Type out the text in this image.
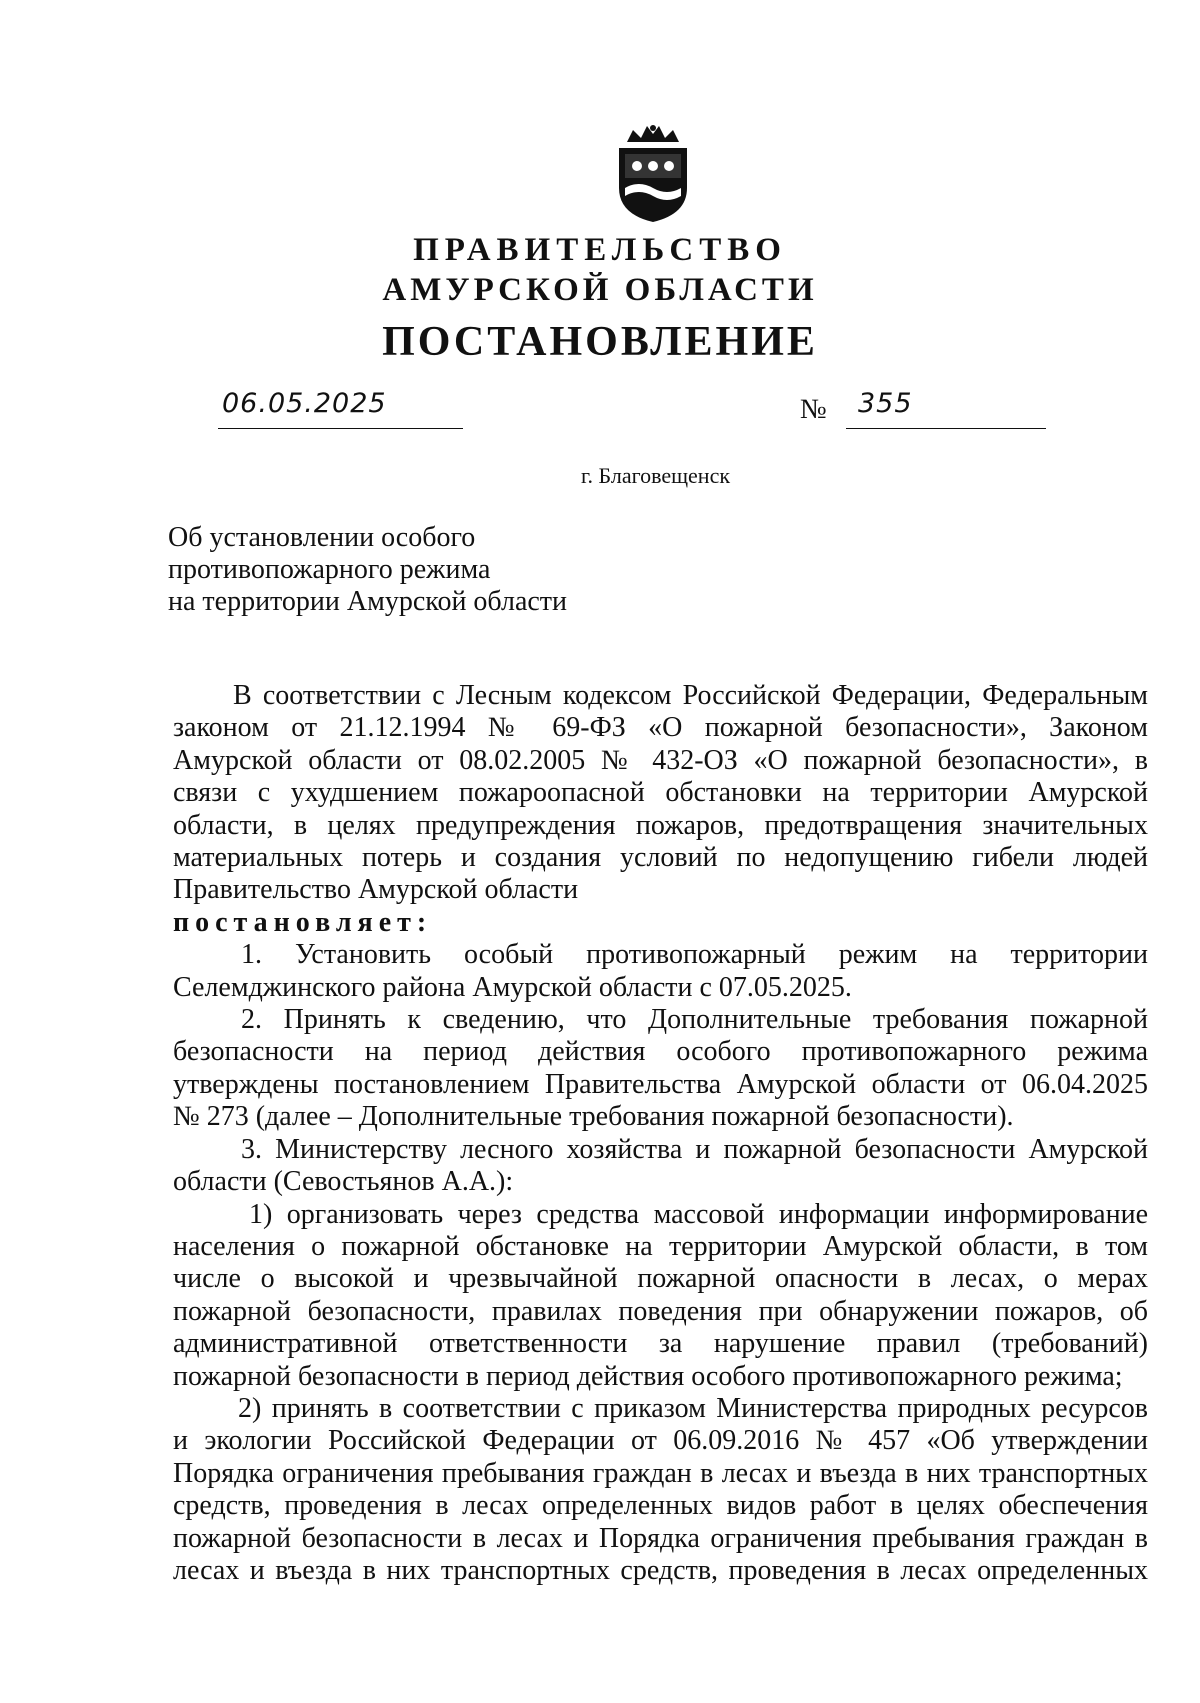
ПРАВИТЕЛЬСТВО
АМУРСКОЙ ОБЛАСТИ
ПОСТАНОВЛЕНИЕ
06.05.2025	№ 355
г. Благовещенск
Об установлении особого
противопожарного режима
на территории Амурской области
В соответствии с Лесным кодексом Российской Федерации, Федеральным
законом от 21.12.1994 № 69-ФЗ «О пожарной безопасности», Законом
Амурской области от 08.02.2005 № 432-ОЗ «О пожарной безопасности», в
связи с ухудшением пожароопасной обстановки на территории Амурской
области, в целях предупреждения пожаров, предотвращения значительных
материальных потерь и создания условий по недопущению гибели людей
Правительство Амурской области
постановляет:
1. Установить особый противопожарный режим на территории
Селемджинского района Амурской области с 07.05.2025.
2. Принять к сведению, что Дополнительные требования пожарной
безопасности на период действия особого противопожарного режима
утверждены постановлением Правительства Амурской области от 06.04.2025
№ 273 (далее – Дополнительные требования пожарной безопасности).
3. Министерству лесного хозяйства и пожарной безопасности Амурской
области (Севостьянов А.А.):
1) организовать через средства массовой информации информирование
населения о пожарной обстановке на территории Амурской области, в том
числе о высокой и чрезвычайной пожарной опасности в лесах, о мерах
пожарной безопасности, правилах поведения при обнаружении пожаров, об
административной ответственности за нарушение правил (требований)
пожарной безопасности в период действия особого противопожарного режима;
2) принять в соответствии с приказом Министерства природных ресурсов
и экологии Российской Федерации от 06.09.2016 № 457 «Об утверждении
Порядка ограничения пребывания граждан в лесах и въезда в них транспортных
средств, проведения в лесах определенных видов работ в целях обеспечения
пожарной безопасности в лесах и Порядка ограничения пребывания граждан в
лесах и въезда в них транспортных средств, проведения в лесах определенных
